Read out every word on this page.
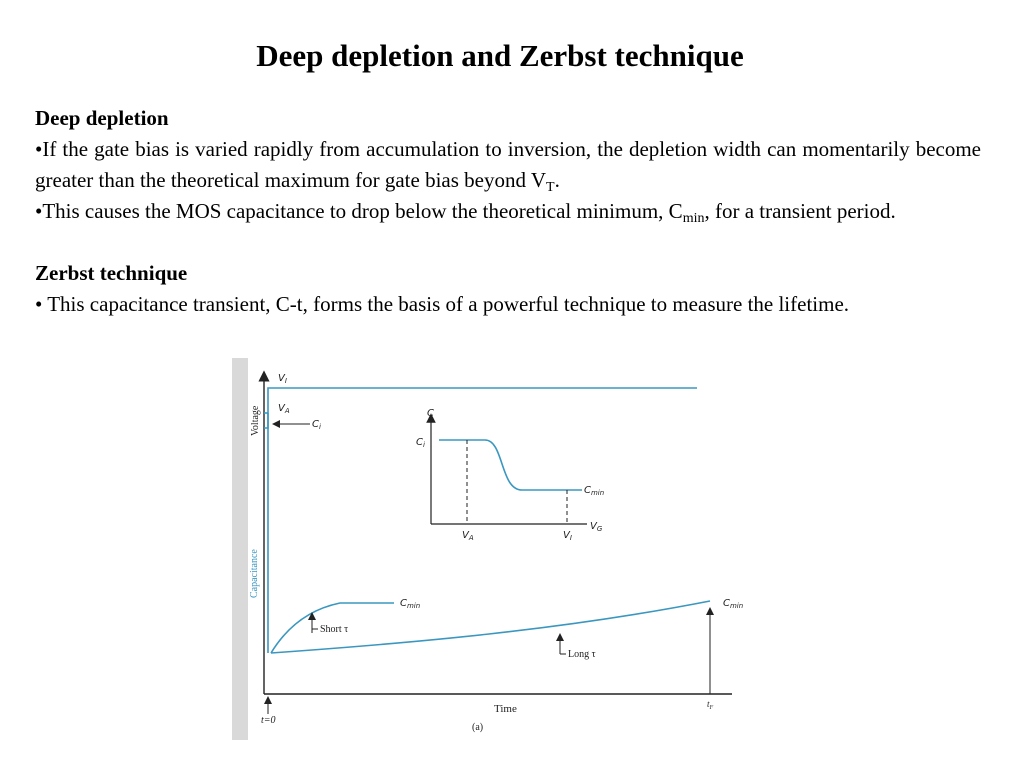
Deep depletion and Zerbst technique
Deep depletion
•If the gate bias is varied rapidly from accumulation to inversion, the depletion width can momentarily become greater than the theoretical maximum for gate bias beyond $V_T$.
•This causes the MOS capacitance to drop below the theoretical minimum, $C_{min}$, for a transient period.
Zerbst technique
• This capacitance transient, C-t, forms the basis of a powerful technique to measure the lifetime.
Voltage
Capacitance
Time
$V_I$
$V_A$
$C_i$
$C_{min}$	$C_{min}$
Short τ
Long τ
t=0
$t_F$
(a)
C
$C_i$
$C_{min}$
$V_G$
$V_A$	$V_I$
